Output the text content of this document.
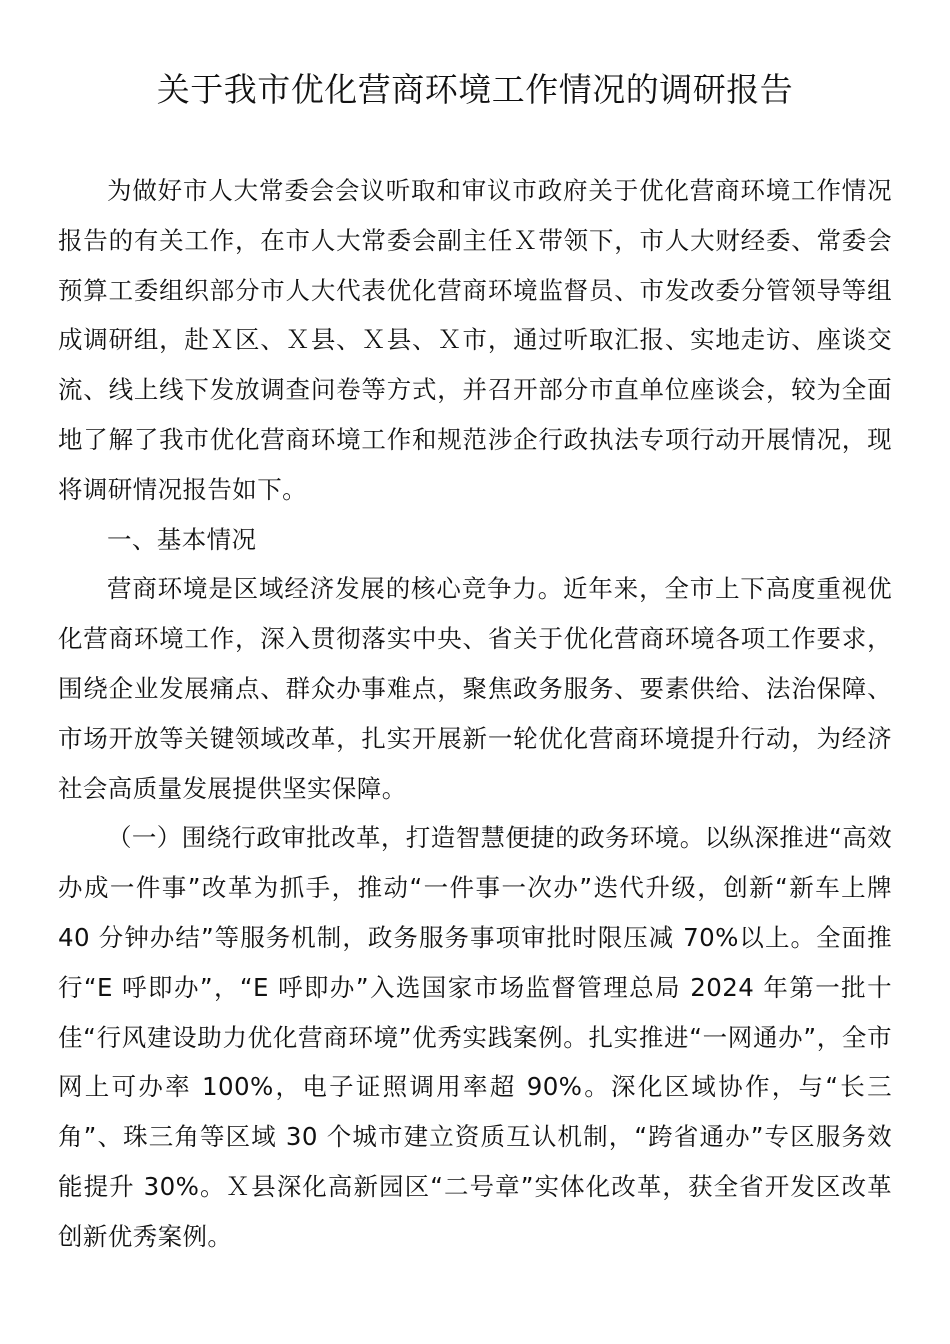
关于我市优化营商环境工作情况的调研报告

为做好市人大常委会会议听取和审议市政府关于优化营商环境工作情况报告的有关工作，在市人大常委会副主任Ｘ带领下，市人大财经委、常委会预算工委组织部分市人大代表优化营商环境监督员、市发改委分管领导等组成调研组，赴Ｘ区、Ｘ县、Ｘ县、Ｘ市，通过听取汇报、实地走访、座谈交流、线上线下发放调查问卷等方式，并召开部分市直单位座谈会，较为全面地了解了我市优化营商环境工作和规范涉企行政执法专项行动开展情况，现将调研情况报告如下。

一、基本情况

营商环境是区域经济发展的核心竞争力。近年来，全市上下高度重视优化营商环境工作，深入贯彻落实中央、省关于优化营商环境各项工作要求，围绕企业发展痛点、群众办事难点，聚焦政务服务、要素供给、法治保障、市场开放等关键领域改革，扎实开展新一轮优化营商环境提升行动，为经济社会高质量发展提供坚实保障。

（一）围绕行政审批改革，打造智慧便捷的政务环境。以纵深推进“高效办成一件事”改革为抓手，推动“一件事一次办”迭代升级，创新“新车上牌 40 分钟办结”等服务机制，政务服务事项审批时限压减 70%以上。全面推行“E 呼即办”，“E 呼即办”入选国家市场监督管理总局 2024 年第一批十佳“行风建设助力优化营商环境”优秀实践案例。扎实推进“一网通办”，全市网上可办率 100%，电子证照调用率超 90%。深化区域协作，与“长三角”、珠三角等区域 30 个城市建立资质互认机制，“跨省通办”专区服务效能提升 30%。Ｘ县深化高新园区“二号章”实体化改革，获全省开发区改革创新优秀案例。
